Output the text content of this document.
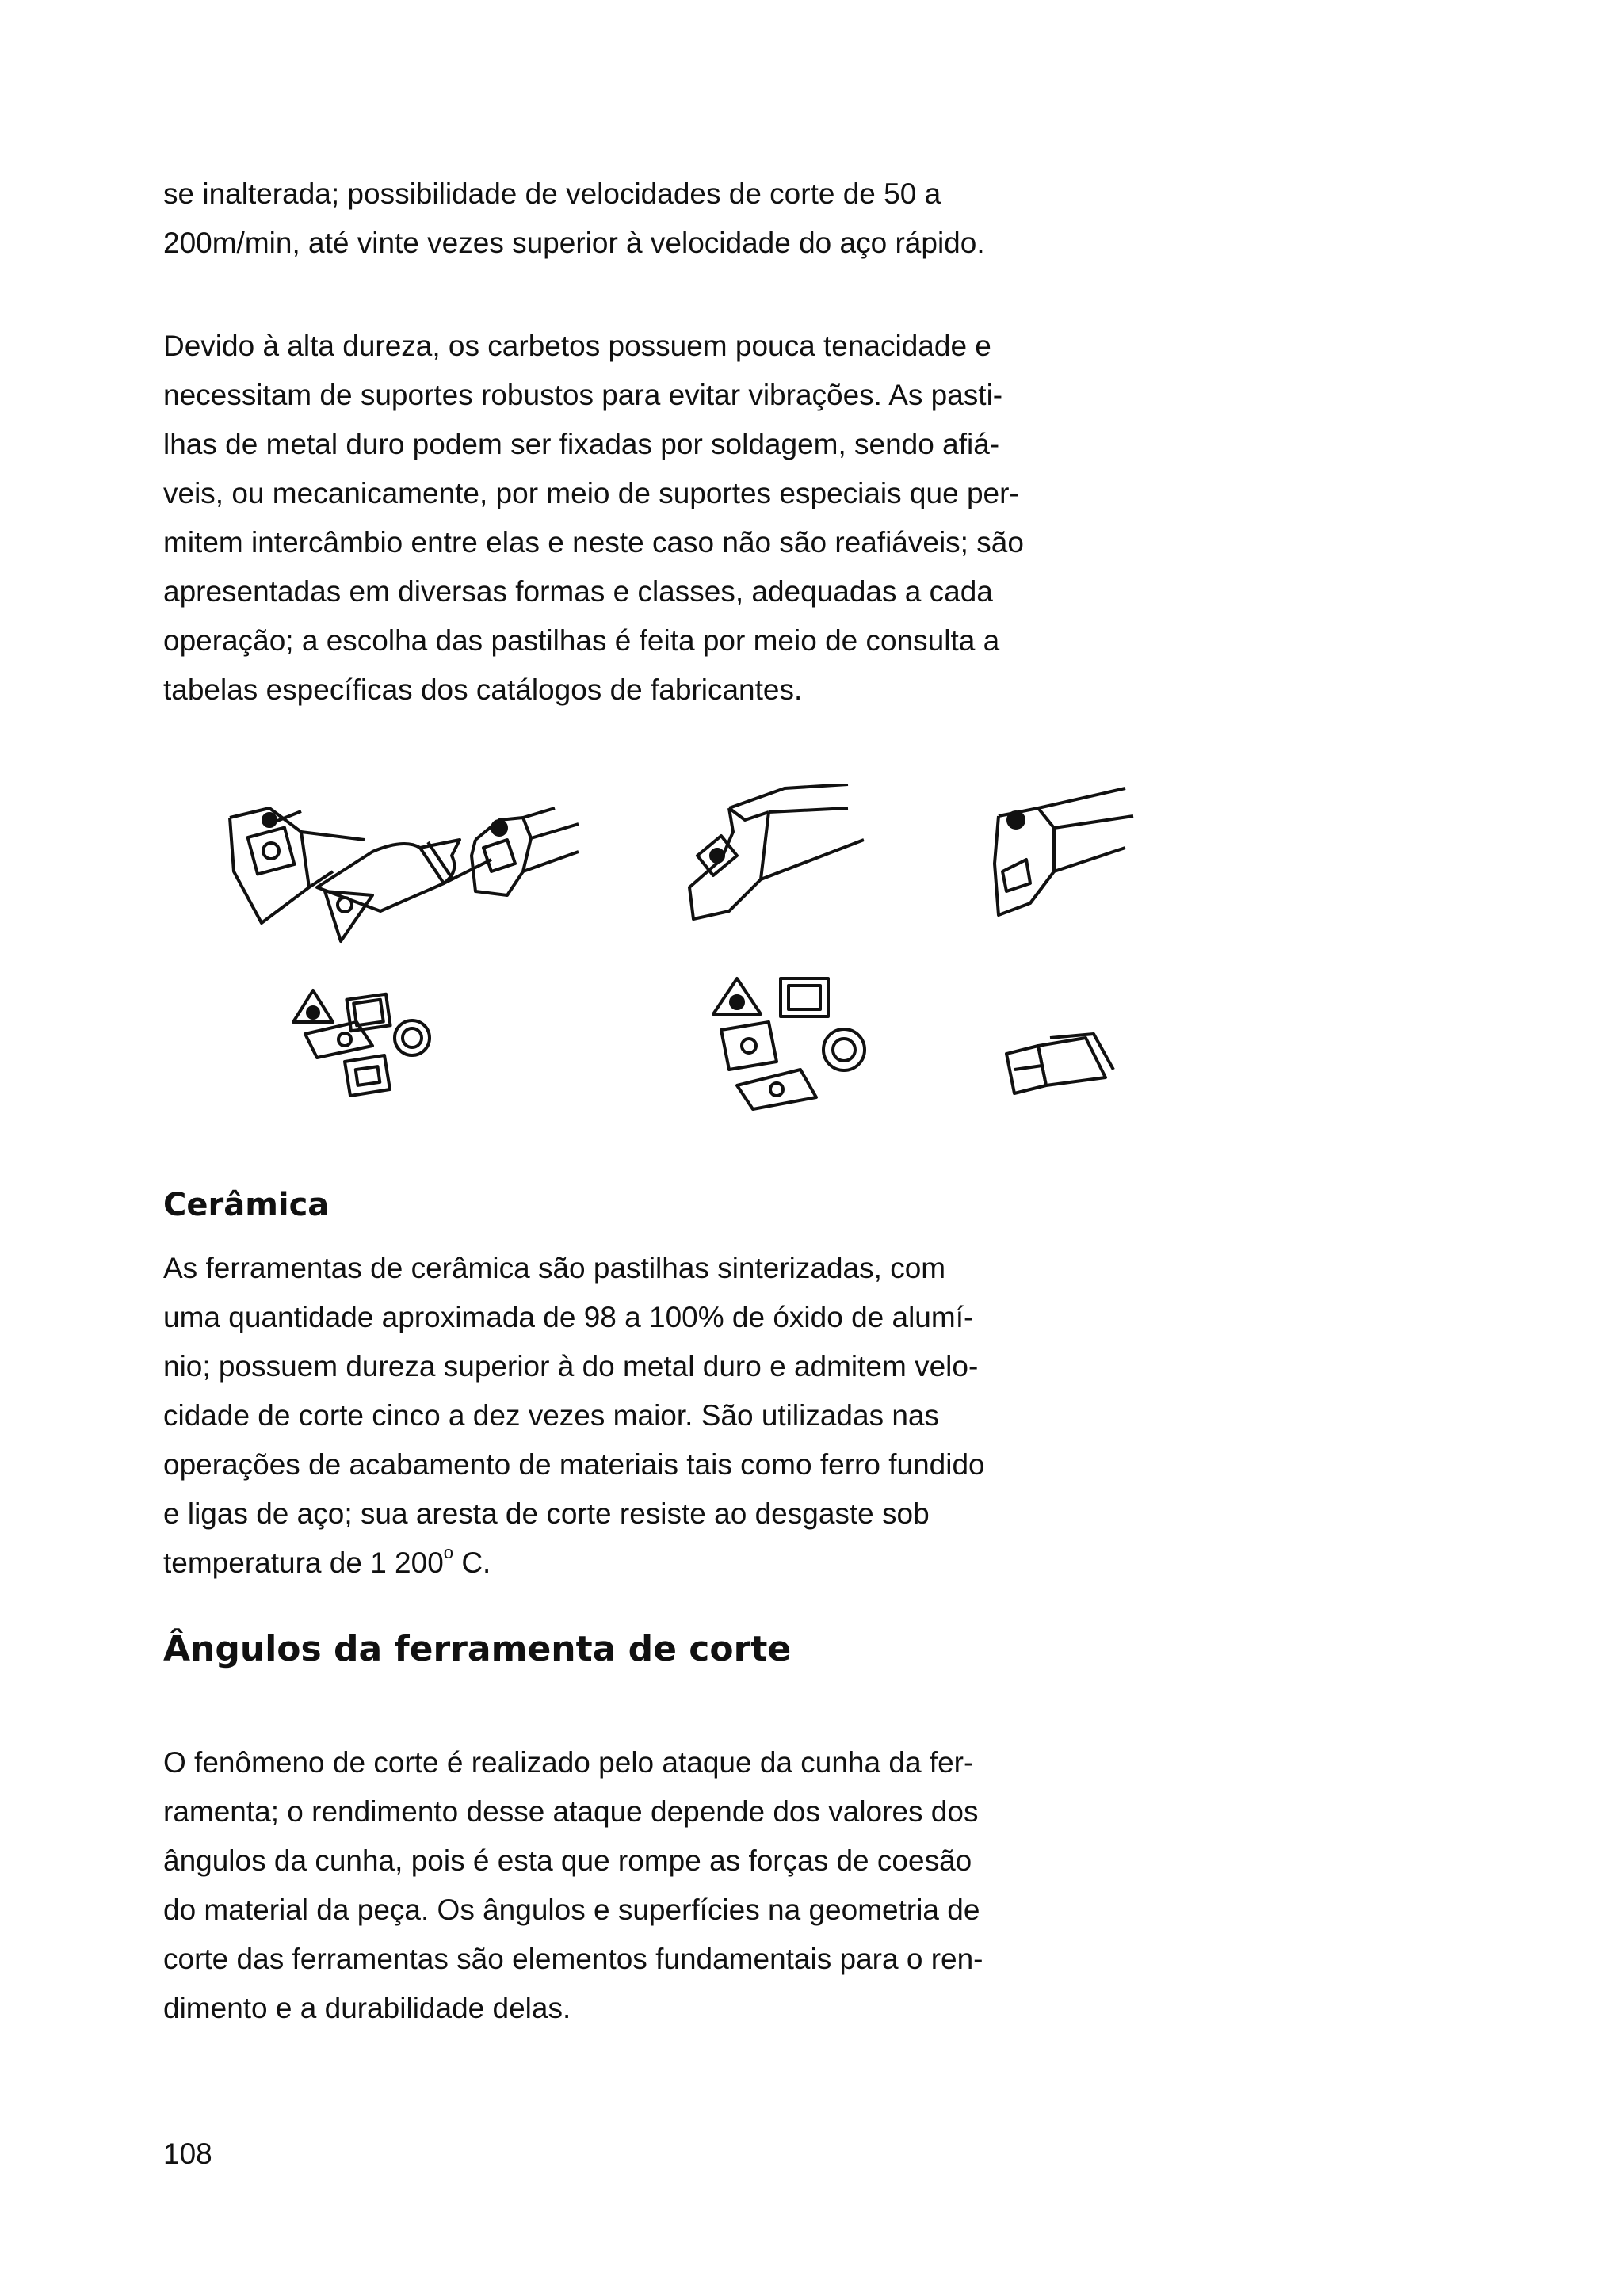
se inalterada; possibilidade de velocidades de corte de 50 a
200m/min, até vinte vezes superior à velocidade do aço rápido.
Devido à alta dureza, os carbetos possuem pouca tenacidade e
necessitam de suportes robustos para evitar vibrações. As pasti-
lhas de metal duro podem ser fixadas por soldagem, sendo afiá-
veis, ou mecanicamente, por meio de suportes especiais que per-
mitem intercâmbio entre elas e neste caso não são reafiáveis; são
apresentadas em diversas formas e classes, adequadas a cada
operação; a escolha das pastilhas é feita por meio de consulta a
tabelas específicas dos catálogos de fabricantes.
Cerâmica
As ferramentas de cerâmica são pastilhas sinterizadas, com
uma quantidade aproximada de 98 a 100% de óxido de alumí-
nio; possuem dureza superior à do metal duro e admitem velo-
cidade de corte cinco a dez vezes maior. São utilizadas nas
operações de acabamento de materiais tais como ferro fundido
e ligas de aço; sua aresta de corte resiste ao desgaste sob
temperatura de 1 200$^o$ C.
Ângulos da ferramenta de corte
O fenômeno de corte é realizado pelo ataque da cunha da fer-
ramenta; o rendimento desse ataque depende dos valores dos
ângulos da cunha, pois é esta que rompe as forças de coesão
do material da peça. Os ângulos e superfícies na geometria de
corte das ferramentas são elementos fundamentais para o ren-
dimento e a durabilidade delas.
108
